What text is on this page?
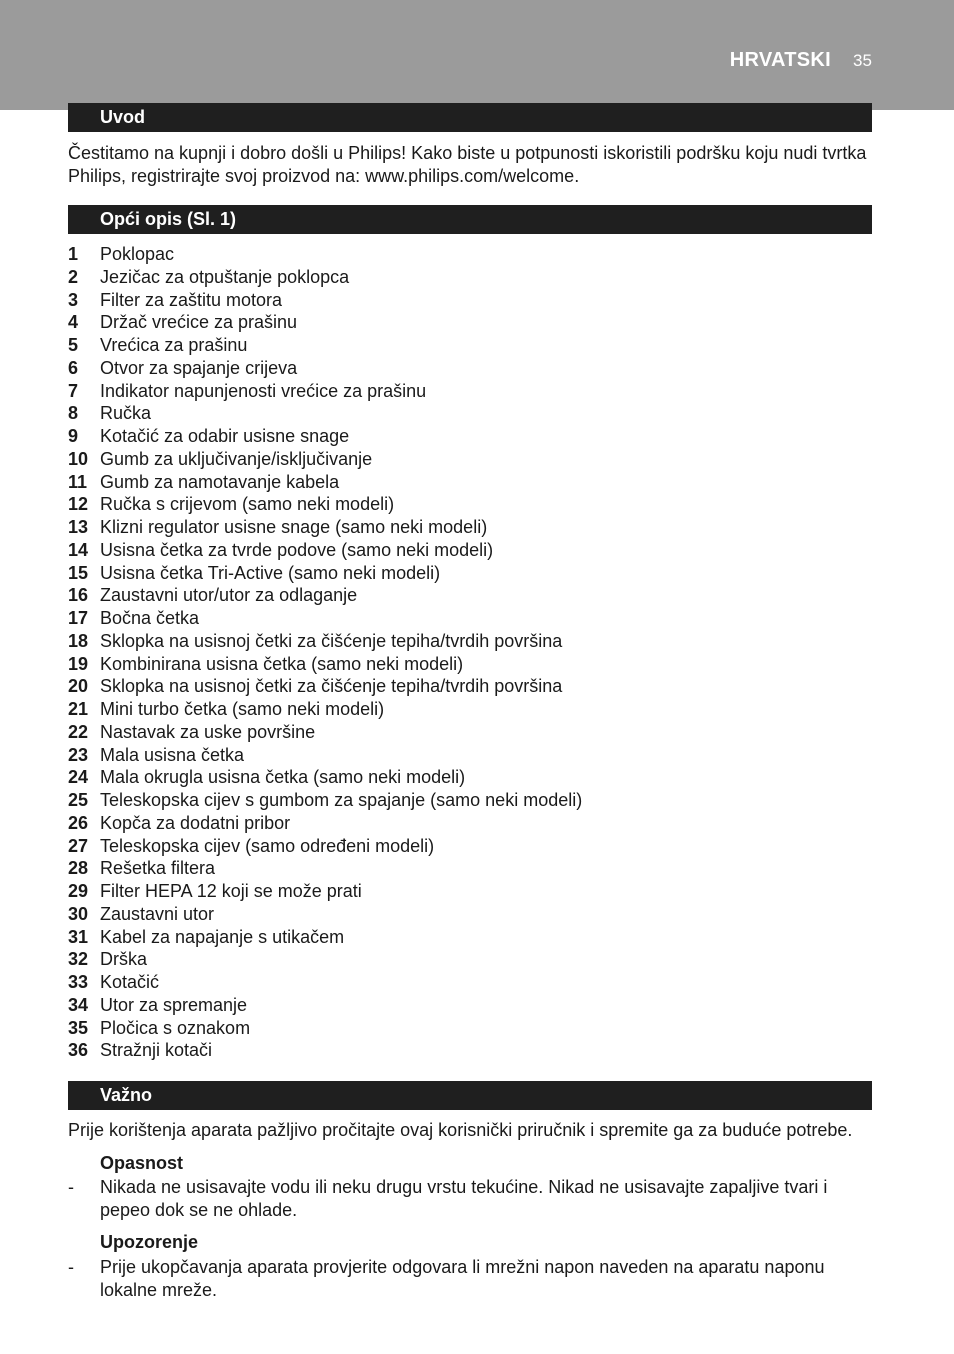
HRVATSKI 35
Uvod

Čestitamo na kupnji i dobro došli u Philips! Kako biste u potpunosti iskoristili podršku koju nudi tvrtka Philips, registrirajte svoj proizvod na: www.philips.com/welcome.

Opći opis (Sl. 1)
1 Poklopac
2 Jezičac za otpuštanje poklopca
3 Filter za zaštitu motora
4 Držač vrećice za prašinu
5 Vrećica za prašinu
6 Otvor za spajanje crijeva
7 Indikator napunjenosti vrećice za prašinu
8 Ručka
9 Kotačić za odabir usisne snage
10 Gumb za uključivanje/isključivanje
11 Gumb za namotavanje kabela
12 Ručka s crijevom (samo neki modeli)
13 Klizni regulator usisne snage (samo neki modeli)
14 Usisna četka za tvrde podove (samo neki modeli)
15 Usisna četka Tri-Active (samo neki modeli)
16 Zaustavni utor/utor za odlaganje
17 Bočna četka
18 Sklopka na usisnoj četki za čišćenje tepiha/tvrdih površina
19 Kombinirana usisna četka (samo neki modeli)
20 Sklopka na usisnoj četki za čišćenje tepiha/tvrdih površina
21 Mini turbo četka (samo neki modeli)
22 Nastavak za uske površine
23 Mala usisna četka
24 Mala okrugla usisna četka (samo neki modeli)
25 Teleskopska cijev s gumbom za spajanje (samo neki modeli)
26 Kopča za dodatni pribor
27 Teleskopska cijev (samo određeni modeli)
28 Rešetka filtera
29 Filter HEPA 12 koji se može prati
30 Zaustavni utor
31 Kabel za napajanje s utikačem
32 Drška
33 Kotačić
34 Utor za spremanje
35 Pločica s oznakom
36 Stražnji kotači
Važno

Prije korištenja aparata pažljivo pročitajte ovaj korisnički priručnik i spremite ga za buduće potrebe.

Opasnost
- Nikada ne usisavajte vodu ili neku drugu vrstu tekućine. Nikad ne usisavajte zapaljive tvari i pepeo dok se ne ohlade.
Upozorenje
- Prije ukopčavanja aparata provjerite odgovara li mrežni napon naveden na aparatu naponu lokalne mreže.
